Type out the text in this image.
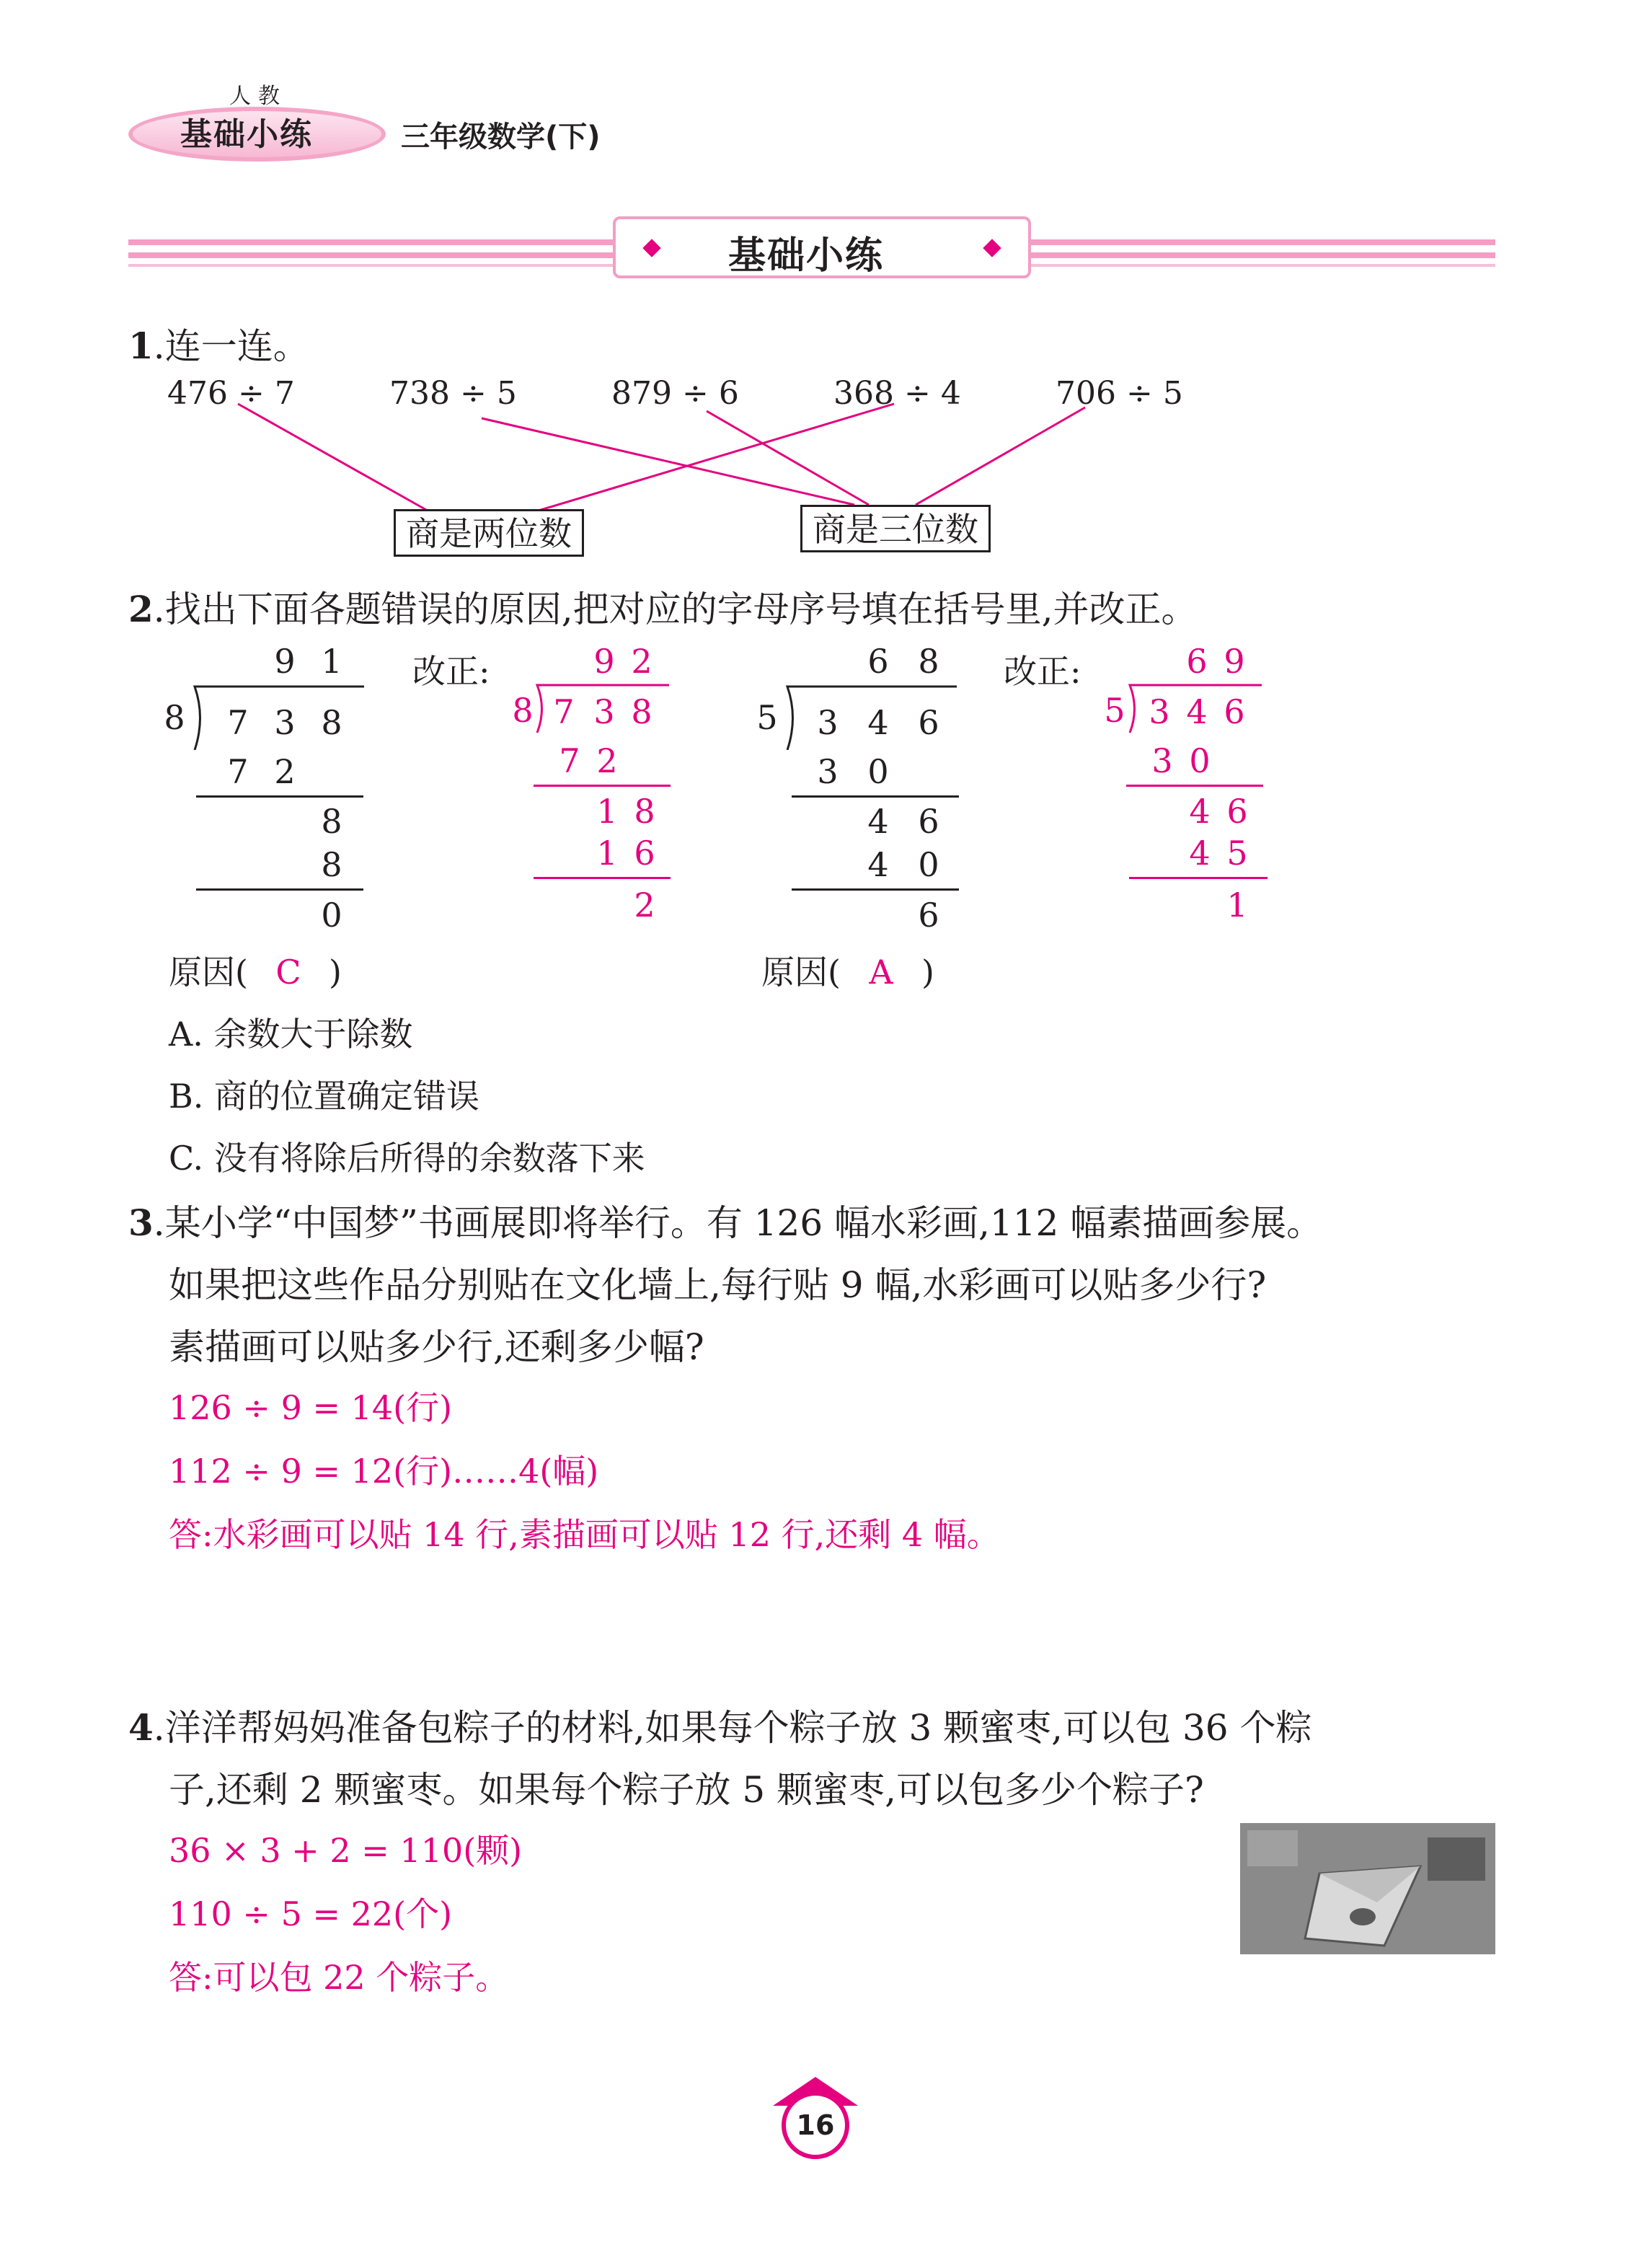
人教
基础小练	三年级数学(下)
基础小练
1.连一连。
476 ÷ 7	738 ÷ 5	879 ÷ 6	368 ÷ 4	706 ÷ 5
商是两位数	商是三位数
2.找出下面各题错误的原因,把对应的字母序号填在括号里,并改正。
9 1
8 7 3 8
7 2
8
8
0
改正:	9 2
8 7 3 8
7 2
1 8
1 6
2
6 8
5 3 4 6
3 0
4 6
4 0
6
改正:	6 9
5 3 4 6
3 0
4 6
4 5
1
原因( C )	原因( A )
A. 余数大于除数
B. 商的位置确定错误
C. 没有将除后所得的余数落下来
3.某小学“中国梦”书画展即将举行。有 126 幅水彩画,112 幅素描画参展。
如果把这些作品分别贴在文化墙上,每行贴 9 幅,水彩画可以贴多少行?
素描画可以贴多少行,还剩多少幅?
126 ÷ 9 = 14(行)
112 ÷ 9 = 12(行)……4(幅)
答:水彩画可以贴 14 行,素描画可以贴 12 行,还剩 4 幅。
4.洋洋帮妈妈准备包粽子的材料,如果每个粽子放 3 颗蜜枣,可以包 36 个粽
子,还剩 2 颗蜜枣。如果每个粽子放 5 颗蜜枣,可以包多少个粽子?
36 × 3 + 2 = 110(颗)
110 ÷ 5 = 22(个)
答:可以包 22 个粽子。
16
